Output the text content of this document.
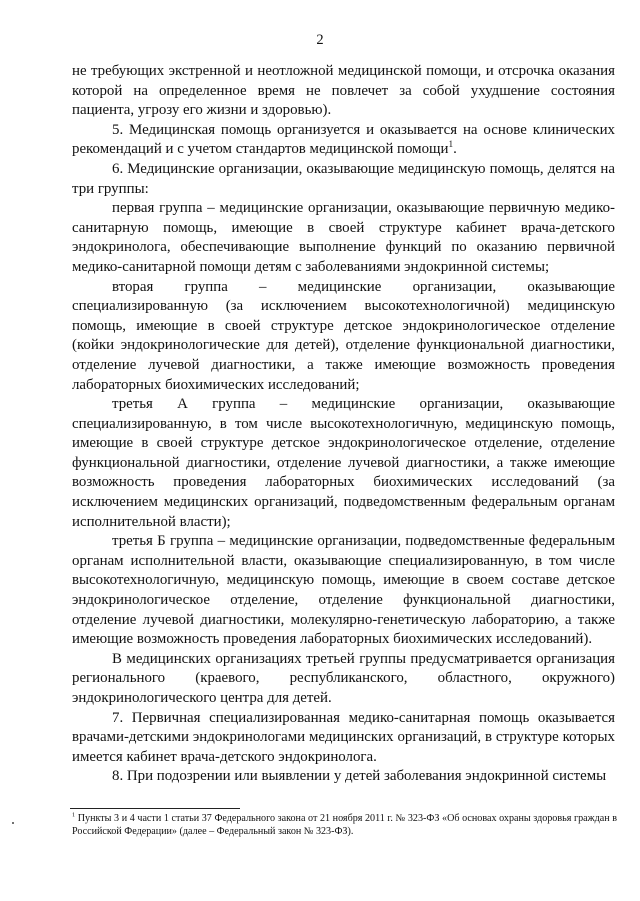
2

не требующих экстренной и неотложной медицинской помощи, и отсрочка оказания которой на определенное время не повлечет за собой ухудшение состояния пациента, угрозу его жизни и здоровью).

5. Медицинская помощь организуется и оказывается на основе клинических рекомендаций и с учетом стандартов медицинской помощи$^1$.

6. Медицинские организации, оказывающие медицинскую помощь, делятся на три группы:

первая группа – медицинские организации, оказывающие первичную медико-санитарную помощь, имеющие в своей структуре кабинет врача-детского эндокринолога, обеспечивающие выполнение функций по оказанию первичной медико-санитарной помощи детям с заболеваниями эндокринной системы;

вторая группа – медицинские организации, оказывающие специализированную (за исключением высокотехнологичной) медицинскую помощь, имеющие в своей структуре детское эндокринологическое отделение (койки эндокринологические для детей), отделение функциональной диагностики, отделение лучевой диагностики, а также имеющие возможность проведения лабораторных биохимических исследований;

третья А группа – медицинские организации, оказывающие специализированную, в том числе высокотехнологичную, медицинскую помощь, имеющие в своей структуре детское эндокринологическое отделение, отделение функциональной диагностики, отделение лучевой диагностики, а также имеющие возможность проведения лабораторных биохимических исследований (за исключением медицинских организаций, подведомственным федеральным органам исполнительной власти);

третья Б группа – медицинские организации, подведомственные федеральным органам исполнительной власти, оказывающие специализированную, в том числе высокотехнологичную, медицинскую помощь, имеющие в своем составе детское эндокринологическое отделение, отделение функциональной диагностики, отделение лучевой диагностики, молекулярно-генетическую лабораторию, а также имеющие возможность проведения лабораторных биохимических исследований).

В медицинских организациях третьей группы предусматривается организация регионального (краевого, республиканского, областного, окружного) эндокринологического центра для детей.

7. Первичная специализированная медико-санитарная помощь оказывается врачами-детскими эндокринологами медицинских организаций, в структуре которых имеется кабинет врача-детского эндокринолога.

8. При подозрении или выявлении у детей заболевания эндокринной системы

$^1$ Пункты 3 и 4 части 1 статьи 37 Федерального закона от 21 ноября 2011 г. № 323-ФЗ «Об основах охраны здоровья граждан в Российской Федерации» (далее – Федеральный закон № 323-ФЗ).
